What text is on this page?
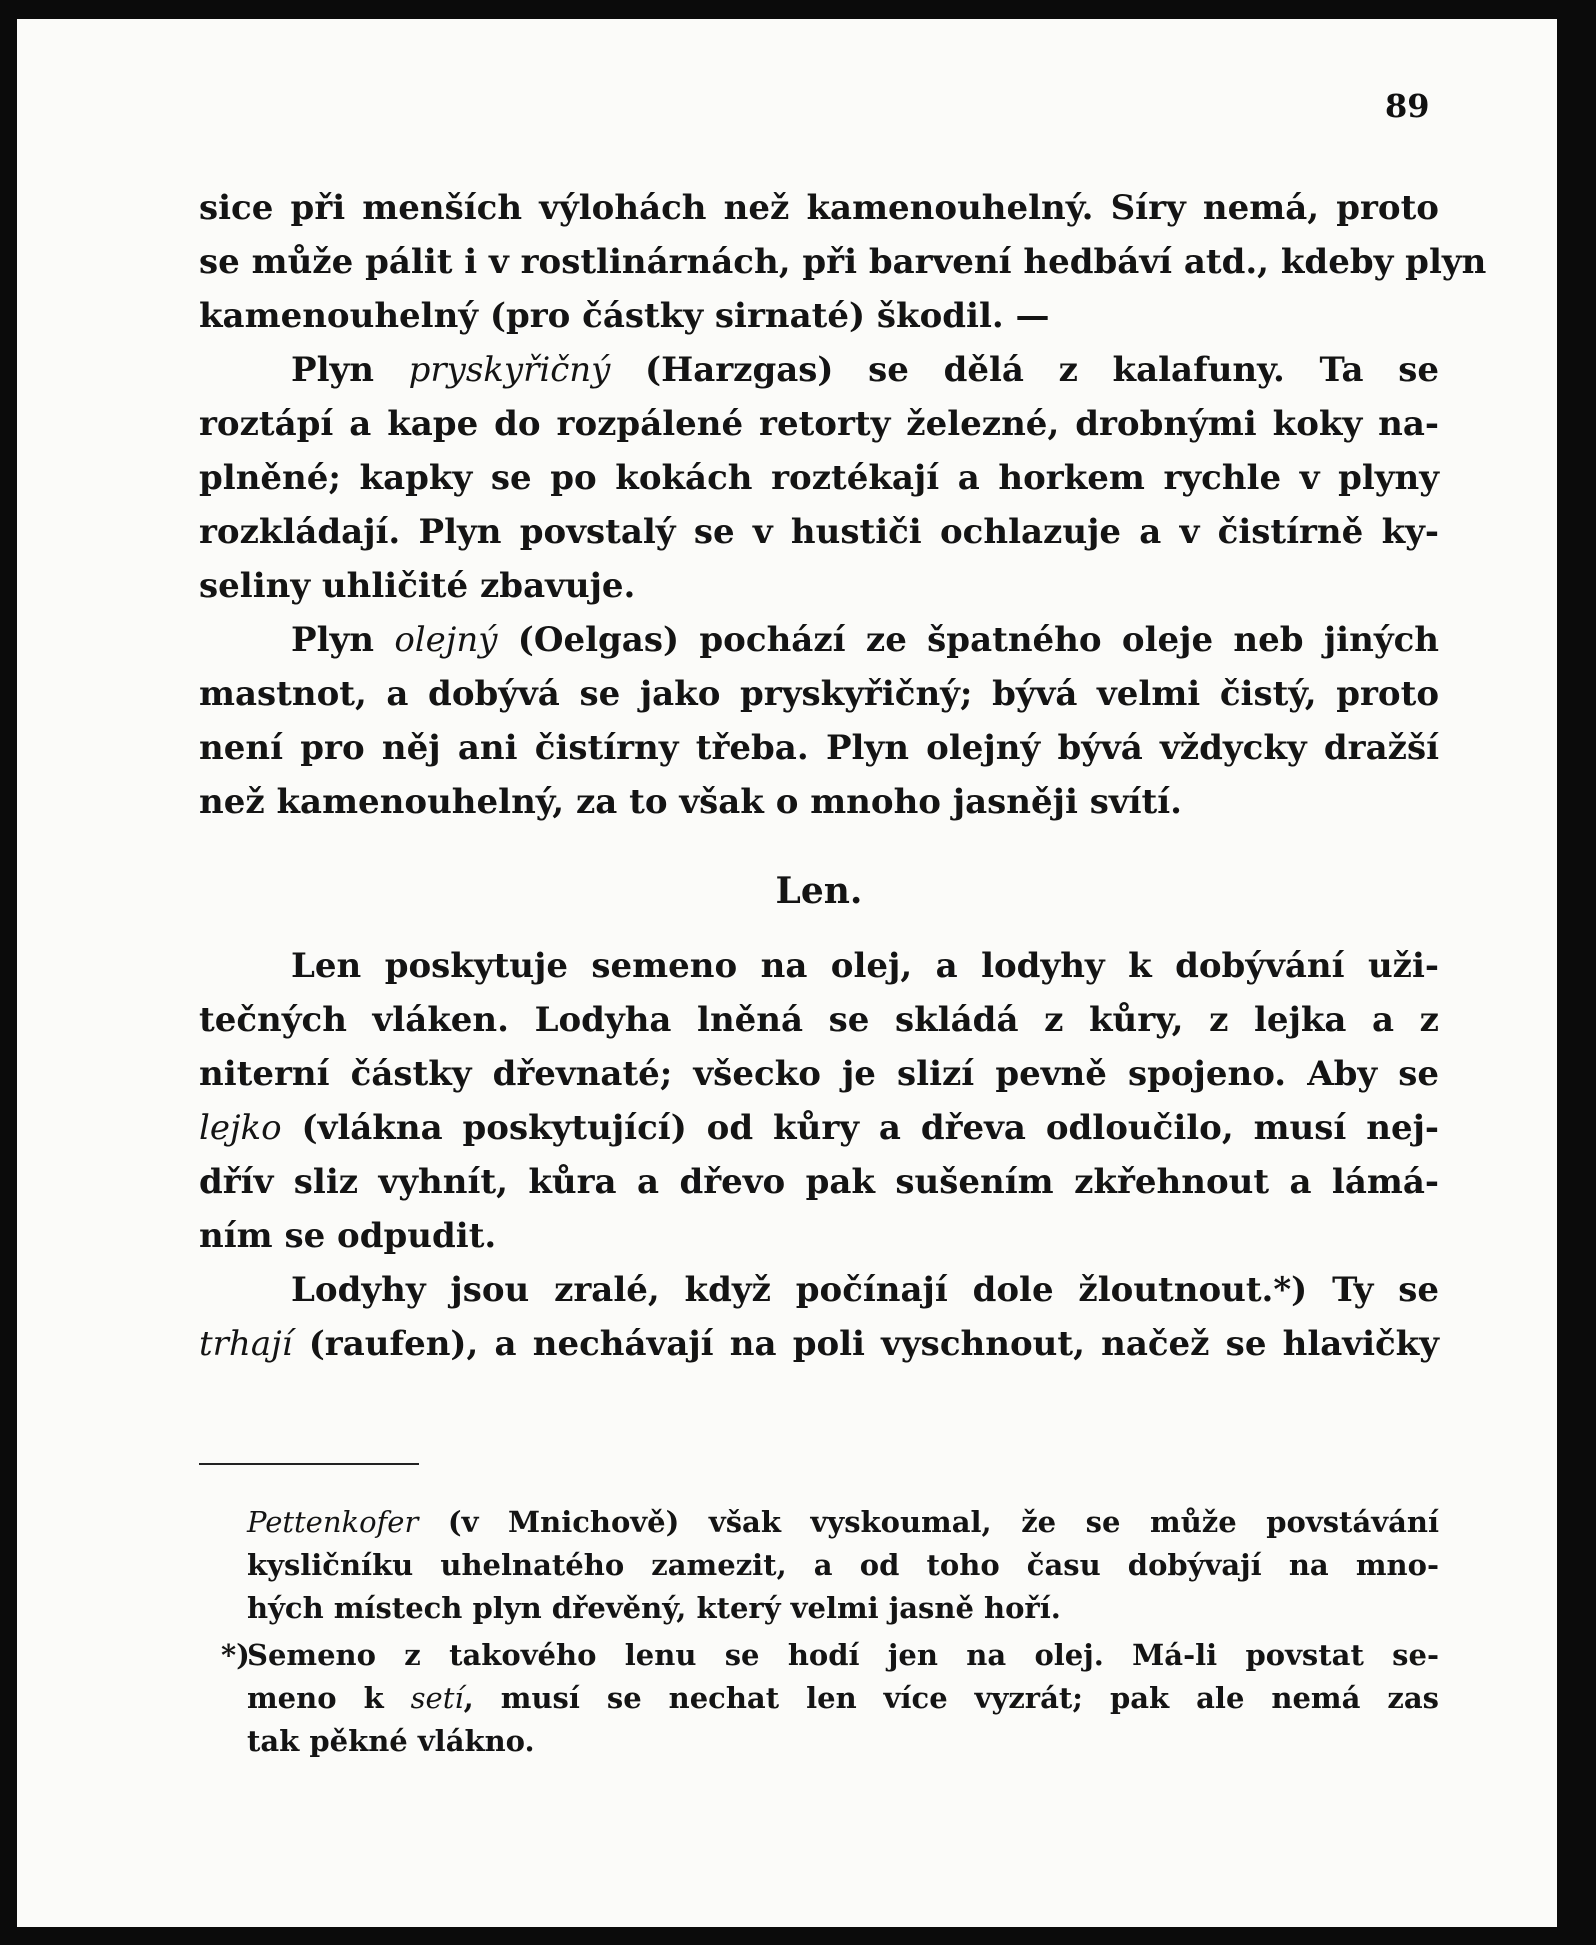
89
sice při menších výlohách než kamenouhelný. Síry nemá, proto
se může pálit i v rostlinárnách, při barvení hedbáví atd., kdeby plyn
kamenouhelný (pro částky sirnaté) škodil. —
Plyn pryskyřičný (Harzgas) se dělá z kalafuny. Ta se
roztápí a kape do rozpálené retorty železné, drobnými koky na-
plněné; kapky se po kokách roztékají a horkem rychle v plyny
rozkládají. Plyn povstalý se v hustiči ochlazuje a v čistírně ky-
seliny uhličité zbavuje.
Plyn olejný (Oelgas) pochází ze špatného oleje neb jiných
mastnot, a dobývá se jako pryskyřičný; bývá velmi čistý, proto
není pro něj ani čistírny třeba. Plyn olejný bývá vždycky dražší
než kamenouhelný, za to však o mnoho jasněji svítí.
Len.
Len poskytuje semeno na olej, a lodyhy k dobývání uži-
tečných vláken. Lodyha lněná se skládá z kůry, z lejka a z
niterní částky dřevnaté; všecko je slizí pevně spojeno. Aby se
lejko (vlákna poskytující) od kůry a dřeva odloučilo, musí nej-
dřív sliz vyhnít, kůra a dřevo pak sušením zkřehnout a lámá-
ním se odpudit.
Lodyhy jsou zralé, když počínají dole žloutnout.*) Ty se
trhají (raufen), a nechávají na poli vyschnout, načež se hlavičky
Pettenkofer (v Mnichově) však vyskoumal, že se může povstávání
kysličníku uhelnatého zamezit, a od toho času dobývají na mno-
hých místech plyn dřevěný, který velmi jasně hoří.
*)
Semeno z takového lenu se hodí jen na olej. Má-li povstat se-
meno k setí, musí se nechat len více vyzrát; pak ale nemá zas
tak pěkné vlákno.
